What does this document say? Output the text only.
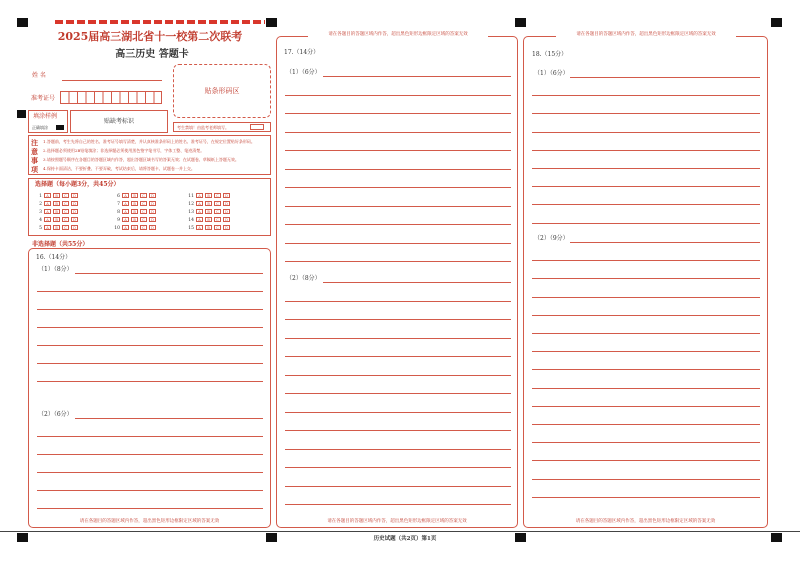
2025届高三湖北省十一校第二次联考
高三历史 答题卡
姓 名
准考证号
贴条形码区
填涂样例
正确填涂
贴缺考标识
考生禁填！由监考老师填写。
注
意
事
项
1.答题前，考生先将自己的姓名、准考证号填写清楚，并认真核准条形码上的姓名、准考证号，在规定位置贴好条形码。
2.选择题必须使用2B铅笔填涂；非选择题必须使用黑色签字笔书写，字体工整、笔迹清楚。
3.请按照题号顺序在各题目的答题区域内作答，超出答题区域书写的答案无效；在试题卷、草稿纸上答题无效。
4.保持卡面清洁，不要折叠、不要弄破，考试结束后，请将答题卡、试题卷一并上交。
选择题（每小题3分，共45分）
1 A B C D
2 A B C D
3 A B C D
4 A B C D
5 A B C D
6 A B C D
7 A B C D
8 A B C D
9 A B C D
10 A B C D
11 A B C D
12 A B C D
13 A B C D
14 A B C D
15 A B C D
非选择题（共55分）
16.（14分）
（1）（8分）
（2）（6分）
请在各题目的答题区域内作答，超出黑色矩形边框限定区域的答案无效
请在各题目的答题区域内作答，超出黑色矩形边框限定区域的答案无效
17.（14分）
（1）（6分）
（2）（8分）
请在各题目的答题区域内作答，超出黑色矩形边框限定区域的答案无效
请在各题目的答题区域内作答，超出黑色矩形边框限定区域的答案无效
18.（15分）
（1）（6分）
（2）（9分）
请在各题目的答题区域内作答，超出黑色矩形边框限定区域的答案无效
历史试题（共2页）第1页
